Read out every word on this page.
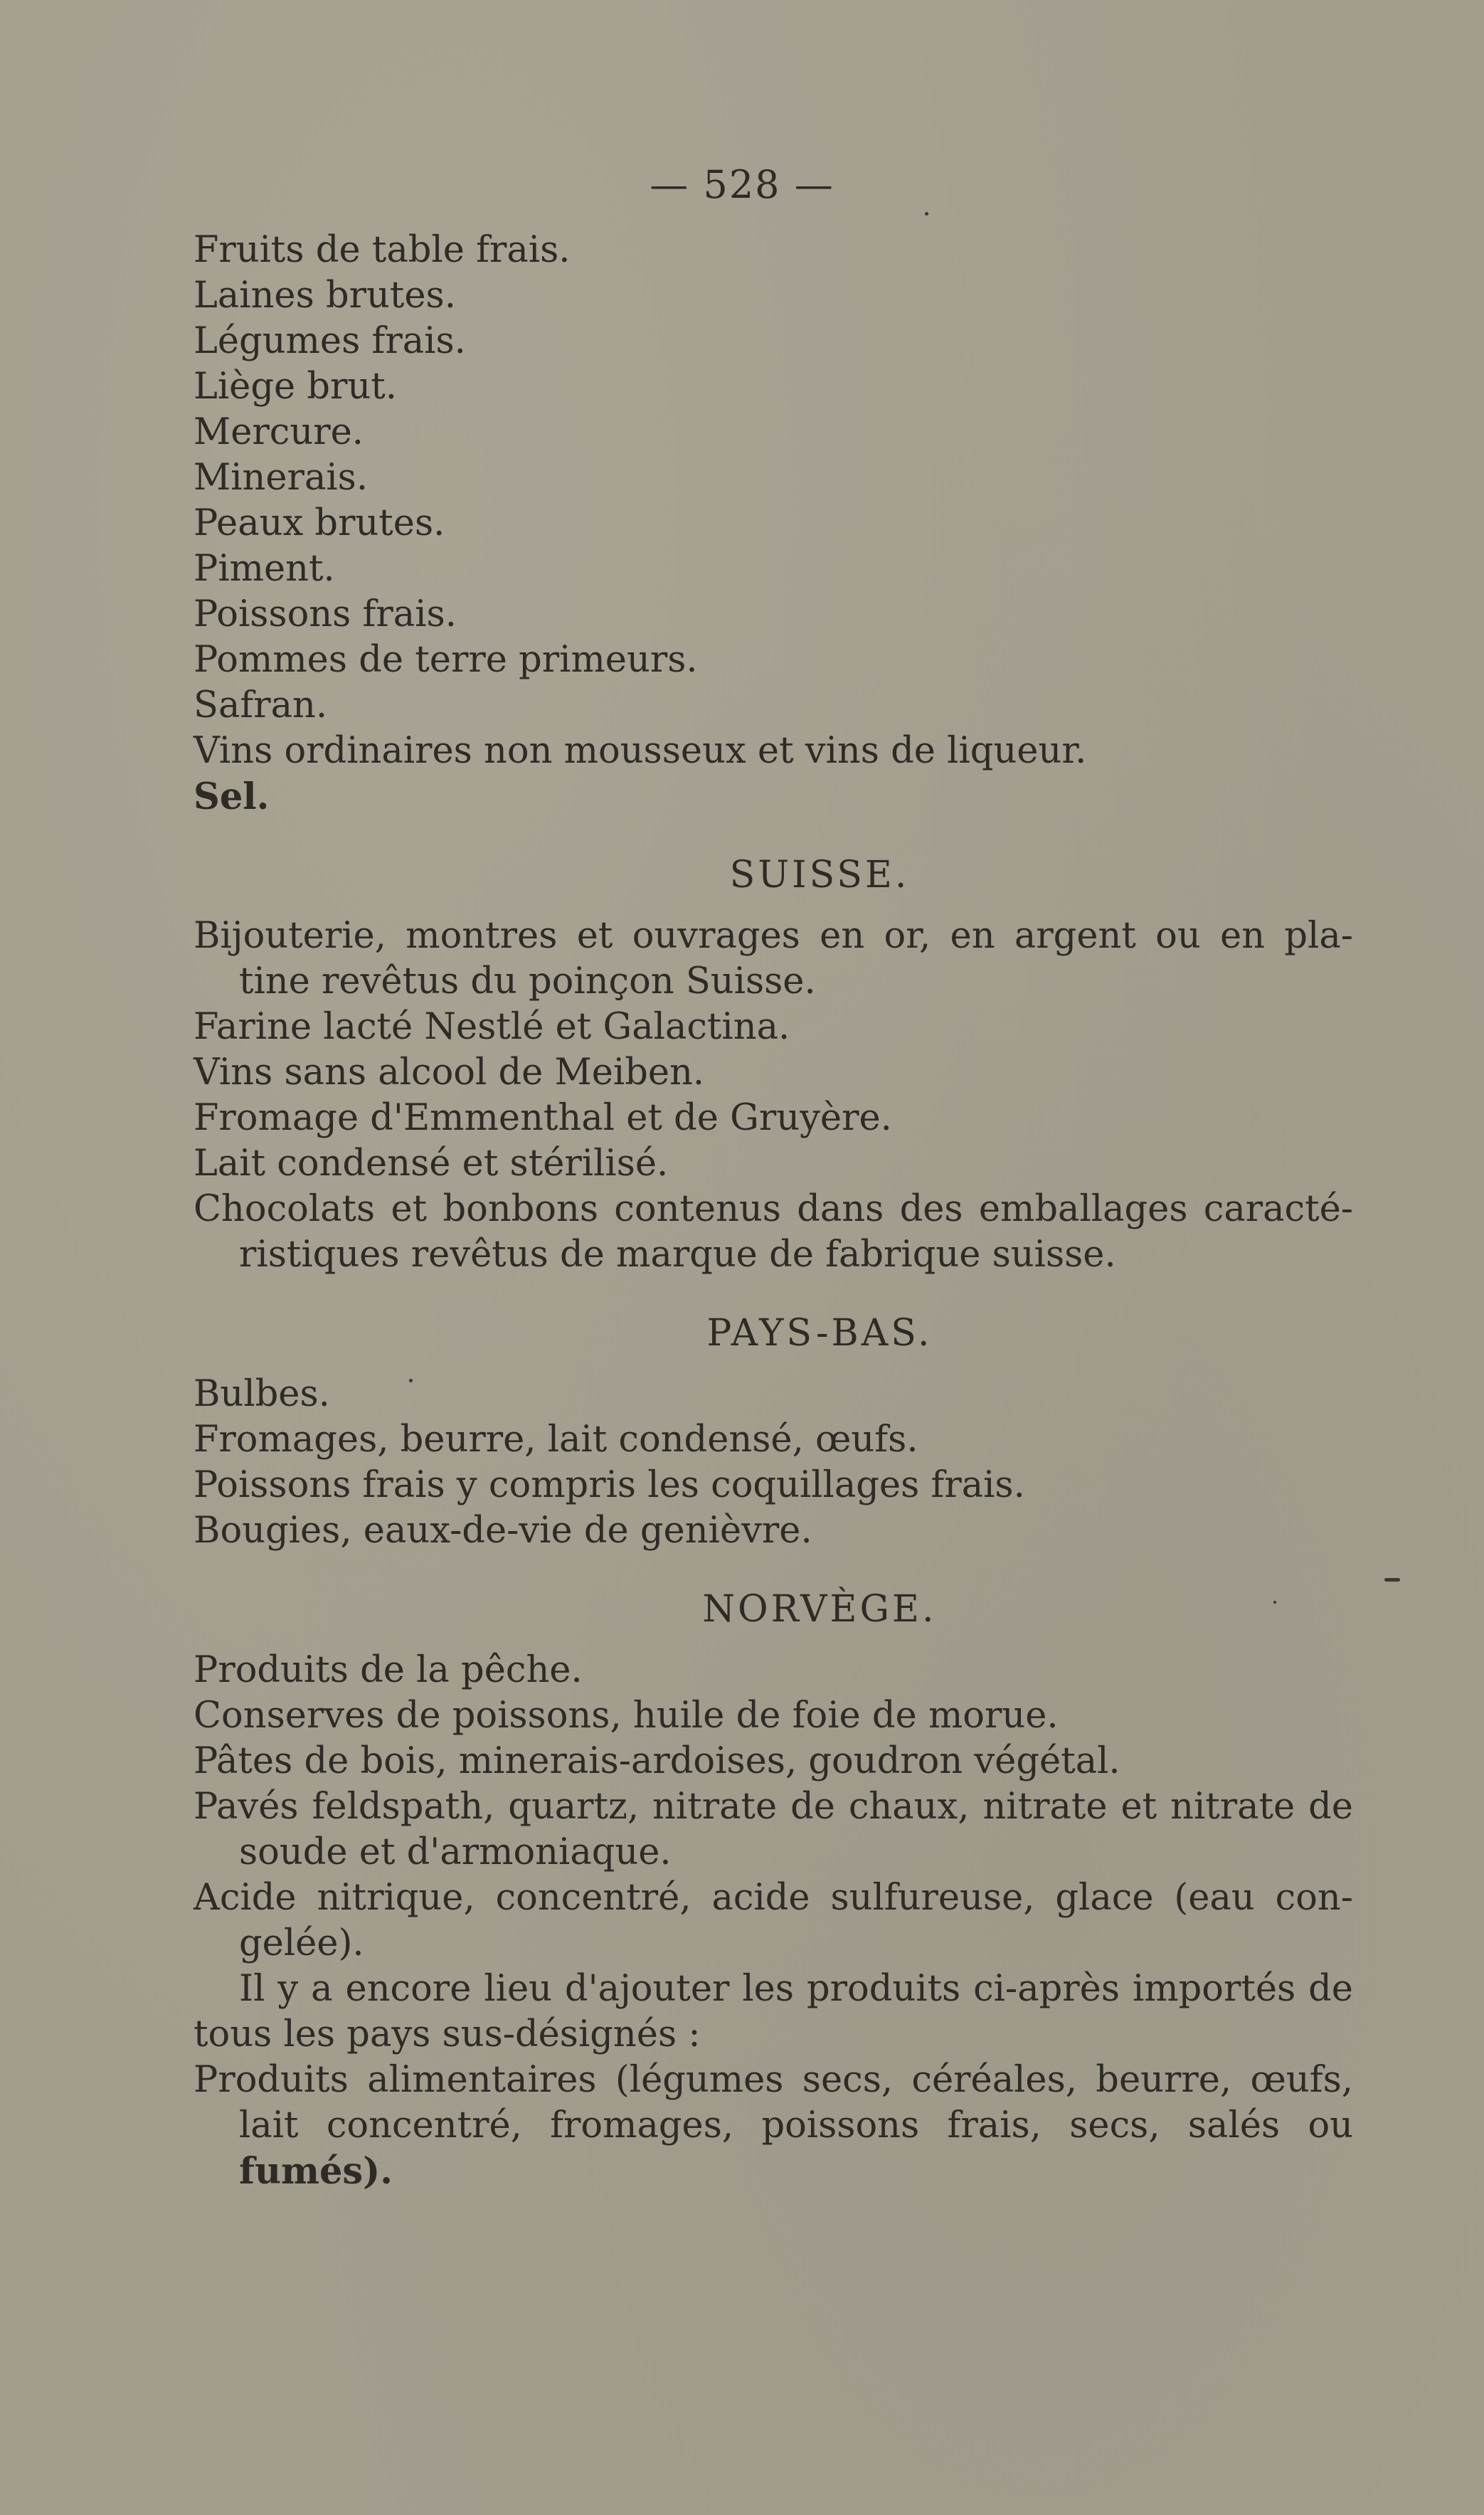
— 528 —
Fruits de table frais.
Laines brutes.
Légumes frais.
Liège brut.
Mercure.
Minerais.
Peaux brutes.
Piment.
Poissons frais.
Pommes de terre primeurs.
Safran.
Vins ordinaires non mousseux et vins de liqueur.
Sel.
SUISSE.
Bijouterie, montres et ouvrages en or, en argent ou en pla-
tine revêtus du poinçon Suisse.
Farine lacté Nestlé et Galactina.
Vins sans alcool de Meiben.
Fromage d'Emmenthal et de Gruyère.
Lait condensé et stérilisé.
Chocolats et bonbons contenus dans des emballages caracté-
ristiques revêtus de marque de fabrique suisse.
PAYS-BAS.
Bulbes.
Fromages, beurre, lait condensé, œufs.
Poissons frais y compris les coquillages frais.
Bougies, eaux-de-vie de genièvre.
NORVÈGE.
Produits de la pêche.
Conserves de poissons, huile de foie de morue.
Pâtes de bois, minerais-ardoises, goudron végétal.
Pavés feldspath, quartz, nitrate de chaux, nitrate et nitrate de
soude et d'armoniaque.
Acide nitrique, concentré, acide sulfureuse, glace (eau con-
gelée).
Il y a encore lieu d'ajouter les produits ci-après importés de
tous les pays sus-désignés :
Produits alimentaires (légumes secs, céréales, beurre, œufs,
lait concentré, fromages, poissons frais, secs, salés ou
fumés).
